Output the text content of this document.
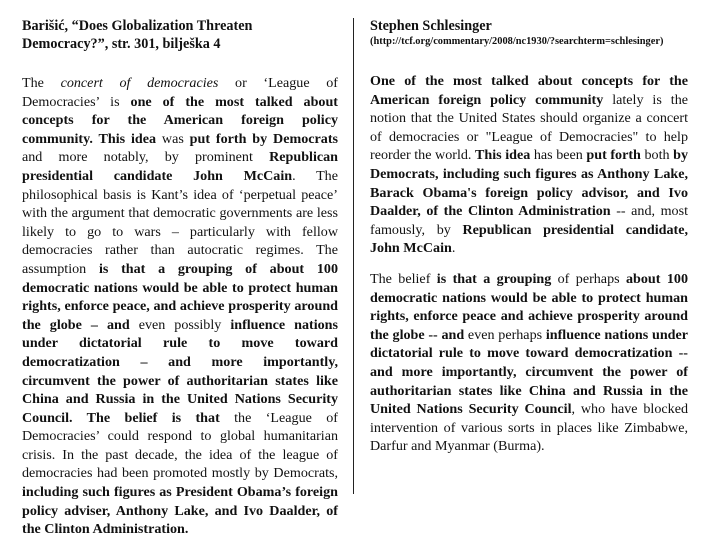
Barišić, “Does Globalization Threaten
Democracy?”, str. 301, bilješka 4

The concert of democracies or ‘League of Democracies’ is one of the most talked about concepts for the American foreign policy community. This idea was put forth by Democrats and more notably, by prominent Republican presidential candidate John McCain. The philosophical basis is Kant’s idea of ‘perpetual peace’ with the argument that democratic governments are less likely to go to wars – particularly with fellow democracies rather than autocratic regimes. The assumption is that a grouping of about 100 democratic nations would be able to protect human rights, enforce peace, and achieve prosperity around the globe – and even possibly influence nations under dictatorial rule to move toward democratization – and more importantly, circumvent the power of authoritarian states like China and Russia in the United Nations Security Council. The belief is that the ‘League of Democracies’ could respond to global humanitarian crisis. In the past decade, the idea of the league of democracies had been promoted mostly by Democrats, including such figures as President Obama’s foreign policy adviser, Anthony Lake, and Ivo Daalder, of the Clinton Administration.

Stephen Schlesinger

(http://tcf.org/commentary/2008/nc1930/?searchterm=schlesinger)

One of the most talked about concepts for the American foreign policy community lately is the notion that the United States should organize a concert of democracies or "League of Democracies" to help reorder the world. This idea has been put forth both by Democrats, including such figures as Anthony Lake, Barack Obama's foreign policy advisor, and Ivo Daalder, of the Clinton Administration -- and, most famously, by Republican presidential candidate, John McCain.

The belief is that a grouping of perhaps about 100 democratic nations would be able to protect human rights, enforce peace and achieve prosperity around the globe -- and even perhaps influence nations under dictatorial rule to move toward democratization -- and more importantly, circumvent the power of authoritarian states like China and Russia in the United Nations Security Council, who have blocked intervention of various sorts in places like Zimbabwe, Darfur and Myanmar (Burma).
